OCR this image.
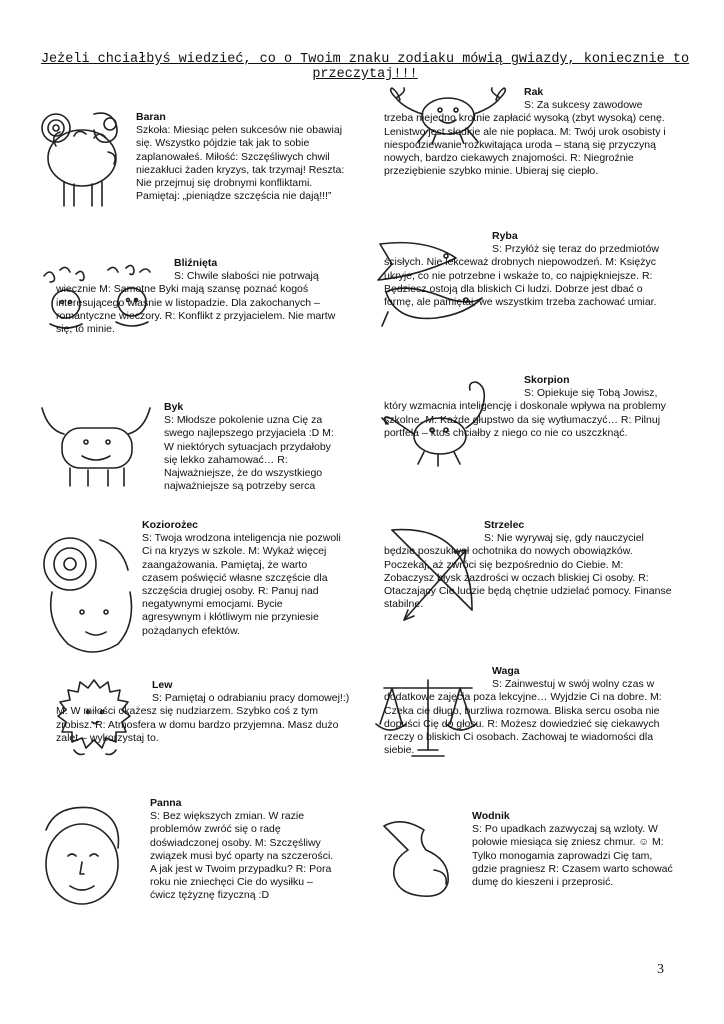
Jeżeli chciałbyś wiedzieć, co o Twoim znaku zodiaku mówią gwiazdy, koniecznie to przeczytaj!!!
Baran

Szkoła: Miesiąc pełen sukcesów nie obawiaj się. Wszystko pójdzie tak jak to sobie zaplanowałeś. Miłość: Szczęśliwych chwil niezakłuci żaden kryzys, tak trzymaj! Reszta: Nie przejmuj się drobnymi konfliktami. Pamiętaj: „pieniądze szczęścia nie dają!!!”

Rak

S: Za sukcesy zawodowe trzeba niejedno krotnie zapłacić wysoką (zbyt wysoką) cenę. Lenistwo jest słodkie ale nie popłaca. M: Twój urok osobisty i niespodziewanie rozkwitająca uroda – staną się przyczyną nowych, bardzo ciekawych znajomości. R: Niegroźnie przeziębienie szybko minie. Ubieraj się ciepło.

Bliźnięta

S: Chwile słabości nie potrwają wiecznie M: Samotne Byki mają szansę poznać kogoś interesującego właśnie w listopadzie. Dla zakochanych – romantyczne wieczory. R: Konflikt z przyjacielem. Nie martw się, to minie.

Ryba

S: Przyłóż się teraz do przedmiotów ścisłych. Nie lekceważ drobnych niepowodzeń. M: Księżyc ukryje, co nie potrzebne i wskaże to, co najpiękniejsze. R: Będziesz ostoją dla bliskich Ci ludzi. Dobrze jest dbać o formę, ale pamiętaj, we wszystkim trzeba zachować umiar.

Byk

S: Młodsze pokolenie uzna Cię za swego najlepszego przyjaciela :D M: W niektórych sytuacjach przydałoby się lekko zahamować… R: Najważniejsze, że do wszystkiego najważniejsze są potrzeby serca

Skorpion

S: Opiekuje się Tobą Jowisz, który wzmacnia inteligencję i doskonale wpływa na problemy szkolne. M: Każde głupstwo da się wytłumaczyć… R: Pilnuj portfela – ktoś chciałby z niego co nie co uszczknąć.

Koziorożec

S: Twoja wrodzona inteligencja nie pozwoli Ci na kryzys w szkole. M: Wykaż więcej zaangażowania. Pamiętaj, że warto czasem poświęcić własne szczęście dla szczęścia drugiej osoby. R: Panuj nad negatywnymi emocjami. Bycie agresywnym i kłótliwym nie przyniesie pożądanych efektów.

Strzelec

S: Nie wyrywaj się, gdy nauczyciel będzie poszukiwał ochotnika do nowych obowiązków. Poczekaj, aż zwróci się bezpośrednio do Ciebie. M: Zobaczysz błysk zazdrości w oczach bliskiej Ci osoby. R: Otaczający Cie ludzie będą chętnie udzielać pomocy. Finanse stabilne.

Lew

S: Pamiętaj o odrabianiu pracy domowej!:) M: W miłości okażesz się nudziarzem. Szybko coś z tym zrobisz. R: Atmosfera w domu bardzo przyjemna. Masz dużo zalet – wykorzystaj to.

Waga

S: Zainwestuj w swój wolny czas w dodatkowe zajęcia poza lekcyjne… Wyjdzie Ci na dobre. M: Czeka cie długo, burzliwa rozmowa. Bliska sercu osoba nie dopuści Cię do głosu. R: Możesz dowiedzieć się ciekawych rzeczy o bliskich Ci osobach. Zachowaj te wiadomości dla siebie.

Panna

S: Bez większych zmian. W razie problemów zwróć się o radę doświadczonej osoby. M: Szczęśliwy związek musi być oparty na szczerości. A jak jest w Twoim przypadku? R: Pora roku nie zniechęci Cie do wysiłku – ćwicz tężyznę fizyczną :D

Wodnik

S: Po upadkach zazwyczaj są wzloty. W połowie miesiąca się zniesz chmur. ☺ M: Tylko monogamia zaprowadzi Cię tam, gdzie pragniesz R: Czasem warto schować dumę do kieszeni i przeprosić.

3
